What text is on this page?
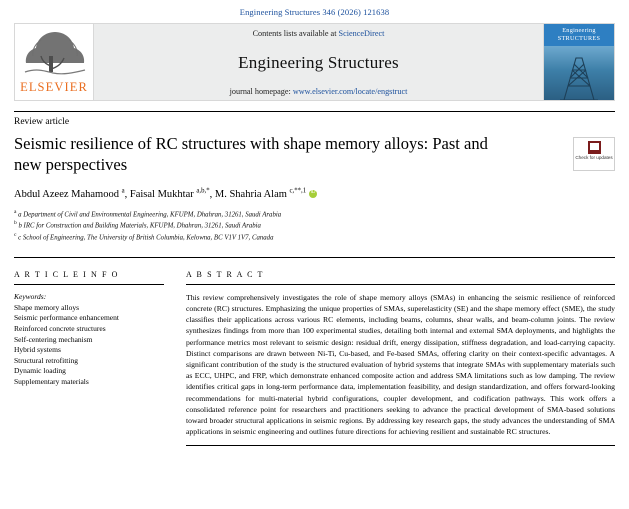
Engineering Structures 346 (2026) 121638
ELSEVIER
Contents lists available at ScienceDirect
Engineering Structures
journal homepage: www.elsevier.com/locate/engstruct
Engineering
STRUCTURES
Review article
Seismic resilience of RC structures with shape memory alloys: Past and new perspectives
Abdul Azeez Mahamood $^a$, Faisal Mukhtar $^{a,b,*}$, M. Shahria Alam $^{c,**,1}$iD
$^a$ a Department of Civil and Environmental Engineering, KFUPM, Dhahran, 31261, Saudi Arabia
$^b$ b IRC for Construction and Building Materials, KFUPM, Dhahran, 31261, Saudi Arabia
$^c$ c School of Engineering, The University of British Columbia, Kelowna, BC V1V 1V7, Canada
Check for updates
A R T I C L E I N F O
Keywords:
Shape memory alloys
Seismic performance enhancement
Reinforced concrete structures
Self-centering mechanism
Hybrid systems
Structural retrofitting
Dynamic loading
Supplementary materials
A B S T R A C T

This review comprehensively investigates the role of shape memory alloys (SMAs) in enhancing the seismic resilience of reinforced concrete (RC) structures. Emphasizing the unique properties of SMAs, superelasticity (SE) and the shape memory effect (SME), the study classifies their applications across various RC elements, including beams, columns, shear walls, and beam-column joints. The review synthesizes findings from more than 100 experimental studies, detailing both internal and external SMA deployments, and highlights the performance metrics most relevant to seismic design: residual drift, energy dissipation, stiffness degradation, and load-carrying capacity. Distinct comparisons are drawn between Ni-Ti, Cu-based, and Fe-based SMAs, offering clarity on their context-specific advantages. A significant contribution of the study is the structured evaluation of hybrid systems that integrate SMAs with supplementary materials such as ECC, UHPC, and FRP, which demonstrate enhanced composite action and address SMA limitations such as low damping. The review identifies critical gaps in long-term performance data, implementation feasibility, and design standardization, and offers forward-looking recommendations for multi-material hybrid configurations, coupler development, and codification pathways. This work offers a consolidated reference point for researchers and practitioners seeking to advance the practical development of SMA-based solutions toward broader structural applications in seismic regions. By addressing key research gaps, the study advances the understanding of SMA applications in seismic engineering and outlines future directions for achieving resilient and sustainable RC structures.
